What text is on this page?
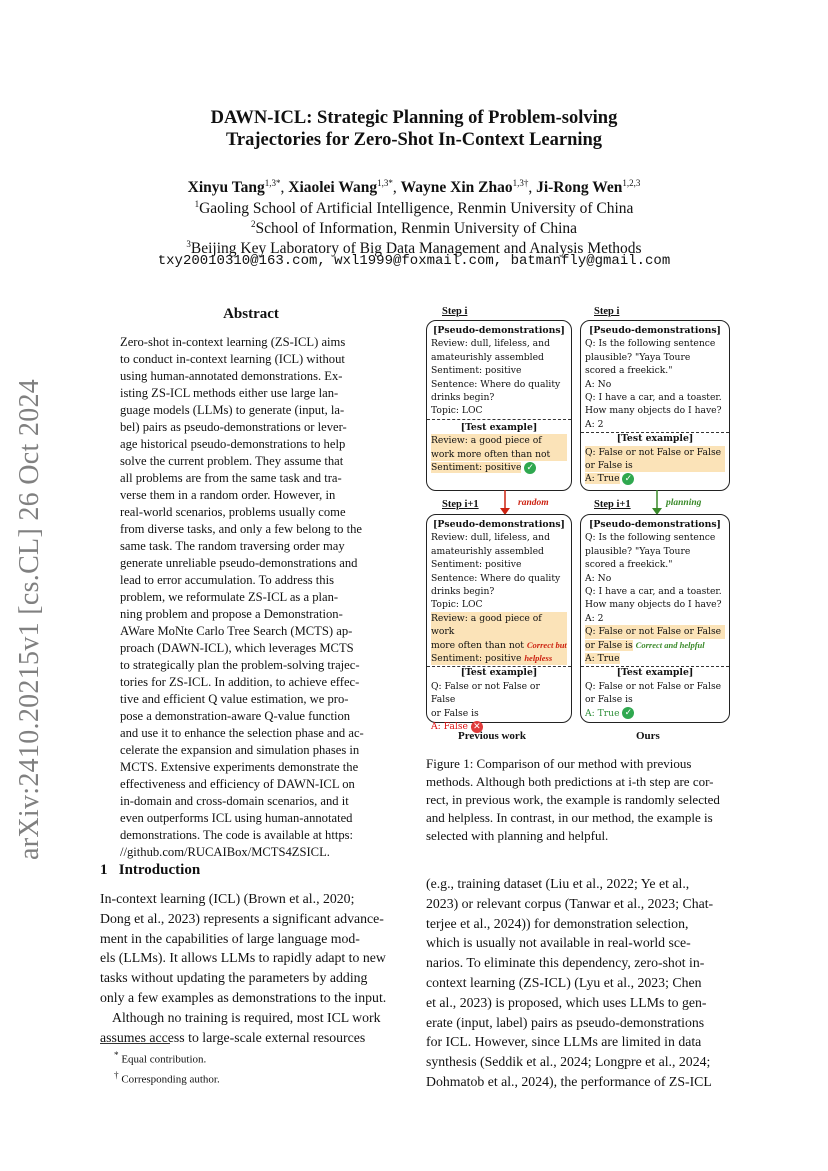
arXiv:2410.20215v1 [cs.CL] 26 Oct 2024
DAWN-ICL: Strategic Planning of Problem-solving
Trajectories for Zero-Shot In-Context Learning
Xinyu Tang$^{1,3*}$, Xiaolei Wang$^{1,3*}$, Wayne Xin Zhao$^{1,3\dagger}$, Ji-Rong Wen$^{1,2,3}$
$^1$Gaoling School of Artificial Intelligence, Renmin University of China
$^2$School of Information, Renmin University of China
$^3$Beijing Key Laboratory of Big Data Management and Analysis Methods
txy20010310@163.com, wxl1999@foxmail.com, batmanfly@gmail.com
Abstract
Zero-shot in-context learning (ZS-ICL) aims
to conduct in-context learning (ICL) without
using human-annotated demonstrations. Ex-
isting ZS-ICL methods either use large lan-
guage models (LLMs) to generate (input, la-
bel) pairs as pseudo-demonstrations or lever-
age historical pseudo-demonstrations to help
solve the current problem. They assume that
all problems are from the same task and tra-
verse them in a random order. However, in
real-world scenarios, problems usually come
from diverse tasks, and only a few belong to the
same task. The random traversing order may
generate unreliable pseudo-demonstrations and
lead to error accumulation. To address this
problem, we reformulate ZS-ICL as a plan-
ning problem and propose a Demonstration-
AWare MoNte Carlo Tree Search (MCTS) ap-
proach (DAWN-ICL), which leverages MCTS
to strategically plan the problem-solving trajec-
tories for ZS-ICL. In addition, to achieve effec-
tive and efficient Q value estimation, we pro-
pose a demonstration-aware Q-value function
and use it to enhance the selection phase and ac-
celerate the expansion and simulation phases in
MCTS. Extensive experiments demonstrate the
effectiveness and efficiency of DAWN-ICL on
in-domain and cross-domain scenarios, and it
even outperforms ICL using human-annotated
demonstrations. The code is available at https:
//github.com/RUCAIBox/MCTS4ZSICL.
Step i	Step i
[Pseudo-demonstrations]
Review: dull, lifeless, and
amateurishly assembled
Sentiment: positive
Sentence: Where do quality
drinks begin?
Topic: LOC
[Test example]
Review: a good piece of
work more often than not
Sentiment: positive ✓
[Pseudo-demonstrations]
Q: Is the following sentence
plausible? "Yaya Toure
scored a freekick."
A: No
Q: I have a car, and a toaster.
How many objects do I have?
A: 2
[Test example]
Q: False or not False or False
or False is
A: True ✓
Step i+1	random	Step i+1	planning
[Pseudo-demonstrations]
Review: dull, lifeless, and
amateurishly assembled
Sentiment: positive
Sentence: Where do quality
drinks begin?
Topic: LOC
Review: a good piece of work
more often than not Correct but
Sentiment: positive helpless
[Test example]
Q: False or not False or False
or False is
A: False ✕
[Pseudo-demonstrations]
Q: Is the following sentence
plausible? "Yaya Toure
scored a freekick."
A: No
Q: I have a car, and a toaster.
How many objects do I have?
A: 2
Q: False or not False or False
or False is Correct and helpful
A: True
[Test example]
Q: False or not False or False
or False is
A: True ✓
Previous work	Ours
Figure 1: Comparison of our method with previous
methods. Although both predictions at i-th step are cor-
rect, in previous work, the example is randomly selected
and helpless. In contrast, in our method, the example is
selected with planning and helpful.
1 Introduction
In-context learning (ICL) (Brown et al., 2020;
Dong et al., 2023) represents a significant advance-
ment in the capabilities of large language mod-
els (LLMs). It allows LLMs to rapidly adapt to new
tasks without updating the parameters by adding
only a few examples as demonstrations to the input.
Although no training is required, most ICL work
assumes access to large-scale external resources
(e.g., training dataset (Liu et al., 2022; Ye et al.,
2023) or relevant corpus (Tanwar et al., 2023; Chat-
terjee et al., 2024)) for demonstration selection,
which is usually not available in real-world sce-
narios. To eliminate this dependency, zero-shot in-
context learning (ZS-ICL) (Lyu et al., 2023; Chen
et al., 2023) is proposed, which uses LLMs to gen-
erate (input, label) pairs as pseudo-demonstrations
for ICL. However, since LLMs are limited in data
synthesis (Seddik et al., 2024; Longpre et al., 2024;
Dohmatob et al., 2024), the performance of ZS-ICL
* Equal contribution.
† Corresponding author.
